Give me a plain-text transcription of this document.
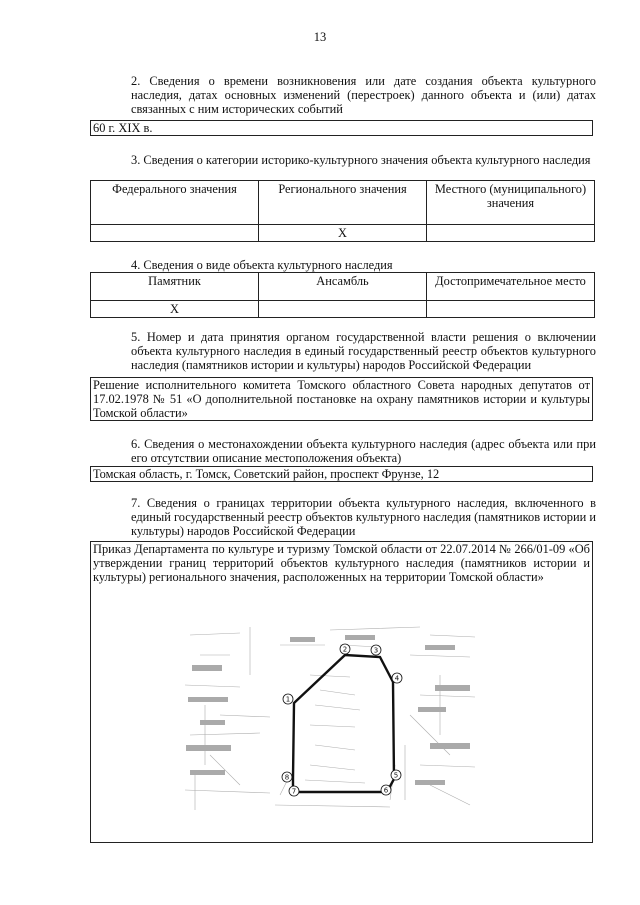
13
2. Сведения о времени возникновения или дате создания объекта культурного наследия, датах основных изменений (перестроек) данного объекта и (или) датах связанных с ним исторических событий
60 г. XIX в.
3. Сведения о категории историко-культурного значения объекта культурного наследия
Федерального значения	Регионального значения	Местного (муниципального) значения
	Х	
4. Сведения о виде объекта культурного наследия
Памятник	Ансамбль	Достопримечательное место
Х		
5. Номер и дата принятия органом государственной власти решения о включении объекта культурного наследия в единый государственный реестр объектов культурного наследия (памятников истории и культуры) народов Российской Федерации
Решение исполнительного комитета Томского областного Совета народных депутатов от 17.02.1978 № 51 «О дополнительной постановке на охрану памятников истории и культуры Томской области»
6. Сведения о местонахождении объекта культурного наследия (адрес объекта или при его отсутствии описание местоположения объекта)
Томская область, г. Томск, Советский район, проспект Фрунзе, 12
7. Сведения о границах территории объекта культурного наследия, включенного в единый государственный реестр объектов культурного наследия (памятников истории и культуры) народов Российской Федерации
Приказ Департамента по культуре и туризму Томской области от 22.07.2014 № 266/01-09 «Об утверждении границ территорий объектов культурного наследия (памятников истории и культуры) регионального значения, расположенных на территории Томской области»
1
2	3
4
5
6
7
8
